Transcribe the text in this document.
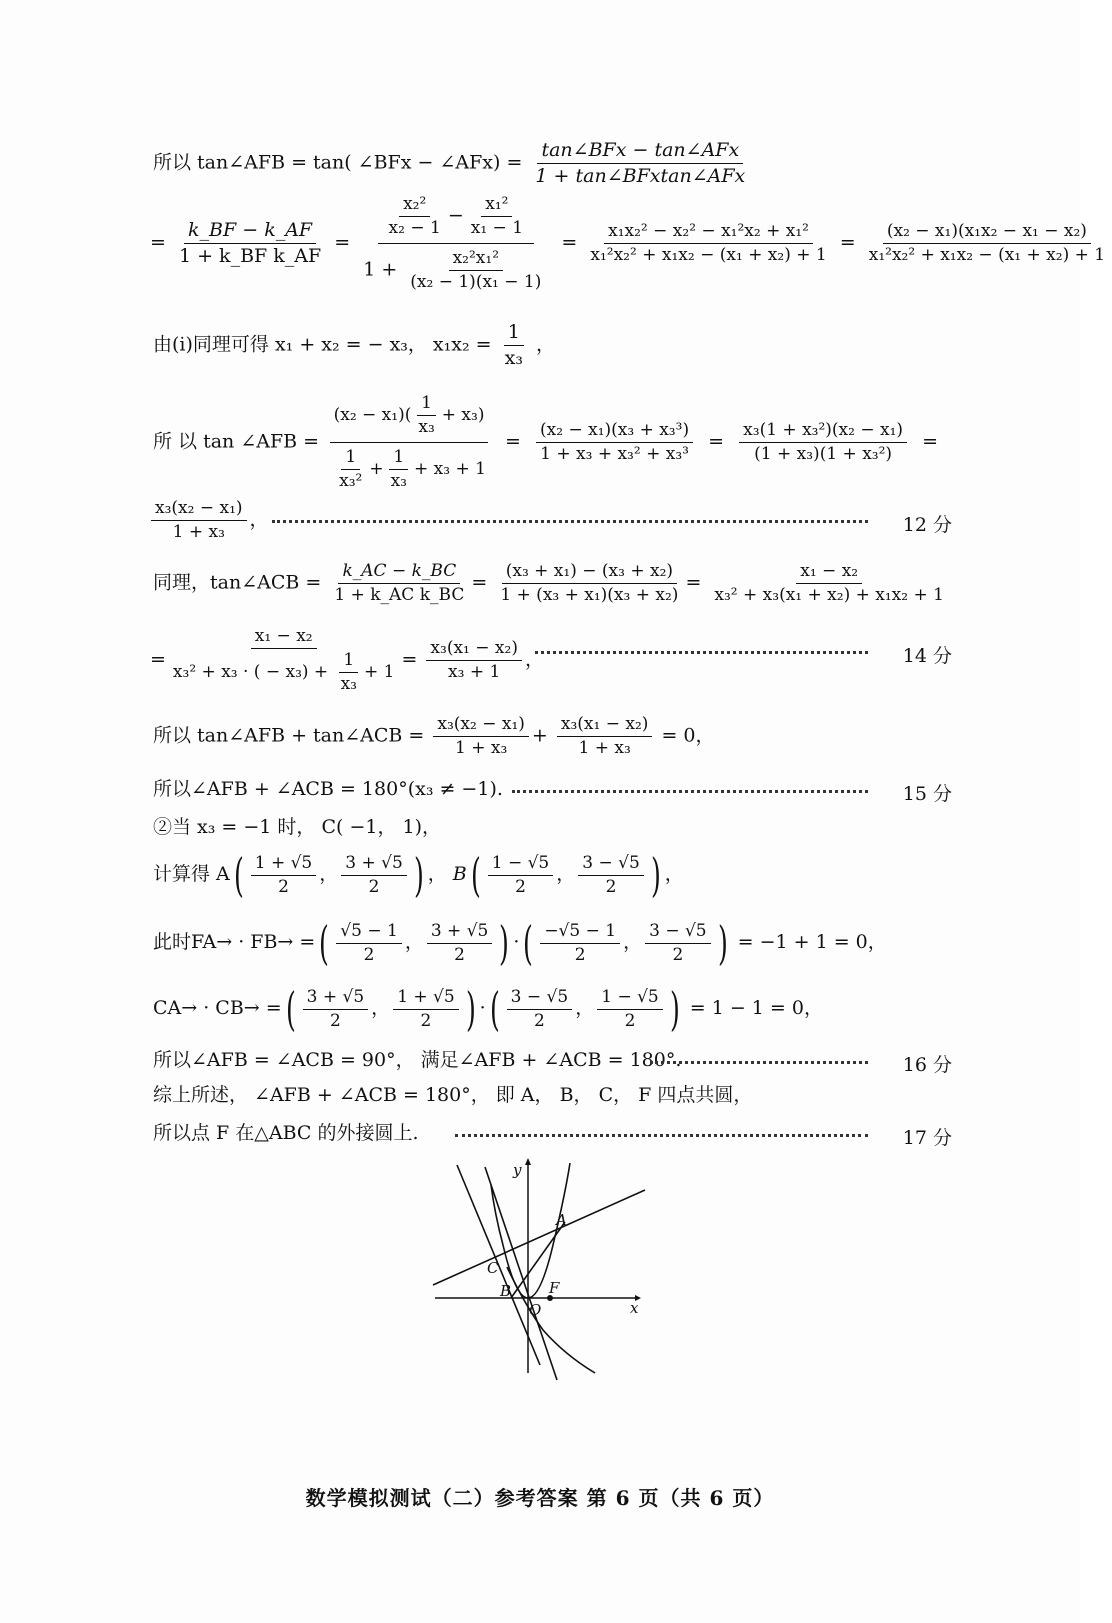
所以 tan∠AFB = tan( ∠BFx − ∠AFx) = $\frac{\text{tan∠BFx − tan∠AFx}}{\text{1 + tan∠BFxtan∠AFx}}$
= $\frac{k\_BF - k\_AF}{\text{1 + k\_BF k\_AF}} = \frac{\frac{\text{x₂²}}{\text{x₂ − 1}} - \frac{\text{x₁²}}{\text{x₁ − 1}}}{1 + \frac{\text{x₂²x₁²}}{\text{(x₂ − 1)(x₁ − 1)}}} = \frac{\text{x₁x₂² − x₂² − x₁²x₂ + x₁²}}{\text{x₁²x₂² + x₁x₂ − (x₁ + x₂) + 1}} = \frac{\text{(x₂ − x₁)(x₁x₂ − x₁ − x₂)}}{\text{x₁²x₂² + x₁x₂ − (x₁ + x₂) + 1}}$
由(ⅰ)同理可得 x₁ + x₂ = − x₃， $x_1x_2 = \frac{1}{\text{x₃}}$ ，
所 以 tan ∠AFB = $\frac{(x_2 - x_1)( \frac{1}{\text{x₃}} + x_3)}{\frac{1}{\text{x₃²}} + \frac{1}{\text{x₃}} + x_3 + 1} = \frac{\text{(x₂ − x₁)(x₃ + x₃³)}}{\text{1 + x₃ + x₃² + x₃³}} = \frac{\text{x₃(1 + x₃²)(x₂ − x₁)}}{\text{(1 + x₃)(1 + x₃²)}}$ =
$\frac{\text{x₃(x₂ − x₁)}}{\text{1 + x₃}}$ ，	12 分
同理，tan∠ACB = $\frac{k\_AC - k\_BC}{\text{1 + k\_AC k\_BC}} = \frac{\text{(x₃ + x₁) − (x₃ + x₂)}}{\text{1 + (x₃ + x₁)(x₃ + x₂)}} = \frac{\text{x₁ − x₂}}{\text{x₃² + x₃(x₁ + x₂) + x₁x₂ + 1}}$
= $\frac{\text{x₁ − x₂}}{x_3^2 + x_3 \cdot ( - x_3) + \frac{1}{\text{x₃}} + 1} = \frac{\text{x₃(x₁ − x₂)}}{\text{x₃ + 1}}$ ，	14 分
所以 tan∠AFB + tan∠ACB = $\frac{\text{x₃(x₂ − x₁)}}{\text{1 + x₃}} + \frac{\text{x₃(x₁ − x₂)}}{\text{1 + x₃}} = 0$，
所以∠AFB + ∠ACB = 180°(x₃ ≠ −1).	15 分
②当 x₃ = −1 时， C( −1， 1)，
计算得 $A( \frac{1 + √5}{2}$ ， $\frac{3 + √5}{2}$ ) ， $B( \frac{1 - √5}{2}$ ， $\frac{3 - √5}{2}$ ) ，
此时FA→ · FB→ =( $\frac{√5 - 1}{2}$ ， $\frac{3 + √5}{2}$ ) ·( $\frac{-√5 - 1}{2}$ ， $\frac{3 - √5}{2}$ ) = −1 + 1 = 0，
CA→ · CB→ =( $\frac{3 + √5}{2}$ ， $\frac{1 + √5}{2}$ ) ·( $\frac{3 - √5}{2}$ ， $\frac{1 - √5}{2}$ ) = 1 − 1 = 0，
所以∠AFB = ∠ACB = 90°， 满足∠AFB + ∠ACB = 180°.	16 分
综上所述， ∠AFB + ∠ACB = 180°， 即 A， B， C， F 四点共圆，
所以点 F 在△ABC 的外接圆上.	17 分
y
x
A
B
C
F
O
数学模拟测试（二）参考答案 第 6 页（共 6 页）
